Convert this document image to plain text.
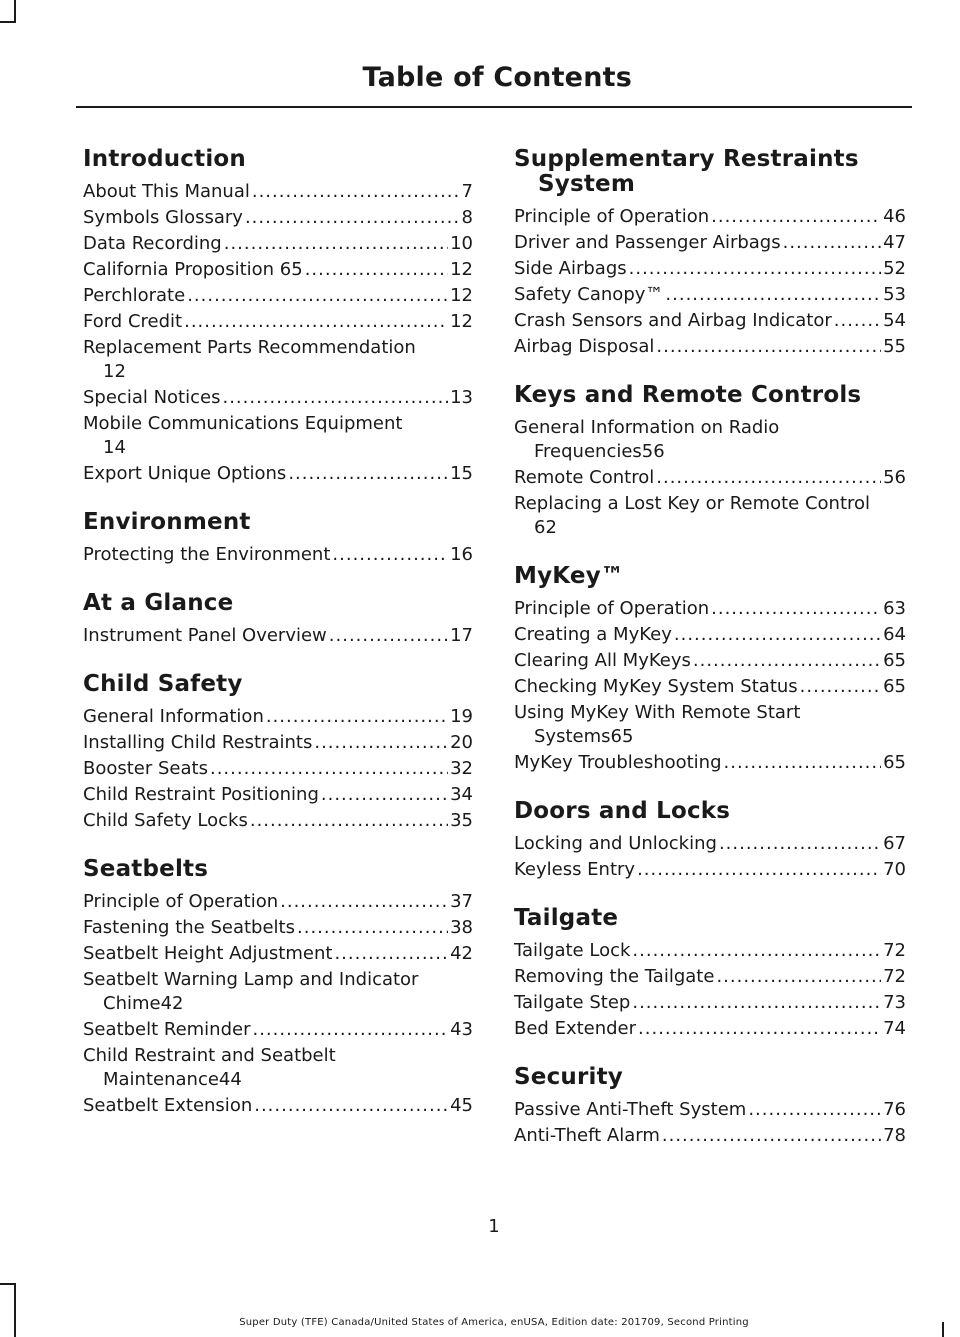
Table of Contents
Introduction
About This Manual .....	7
Symbols Glossary .....	8
Data Recording .....	10
California Proposition 65 .....	12
Perchlorate .....	12
Ford Credit .....	12
Replacement Parts Recommendation
12
Special Notices .....	13
Mobile Communications Equipment
14
Export Unique Options .....	15
Environment
Protecting the Environment .....	16
At a Glance
Instrument Panel Overview .....	17
Child Safety
General Information .....	19
Installing Child Restraints .....	20
Booster Seats .....	32
Child Restraint Positioning .....	34
Child Safety Locks .....	35
Seatbelts
Principle of Operation .....	37
Fastening the Seatbelts .....	38
Seatbelt Height Adjustment .....	42
Seatbelt Warning Lamp and Indicator
Chime 42
Seatbelt Reminder .....	43
Child Restraint and Seatbelt
Maintenance 44
Seatbelt Extension .....	45
Supplementary Restraints
System
Principle of Operation .....	46
Driver and Passenger Airbags .....	47
Side Airbags .....	52
Safety Canopy™ .....	53
Crash Sensors and Airbag Indicator .....	54
Airbag Disposal .....	55
Keys and Remote Controls
General Information on Radio
Frequencies 56
Remote Control .....	56
Replacing a Lost Key or Remote Control
62
MyKey™
Principle of Operation .....	63
Creating a MyKey .....	64
Clearing All MyKeys .....	65
Checking MyKey System Status .....	65
Using MyKey With Remote Start
Systems 65
MyKey Troubleshooting .....	65
Doors and Locks
Locking and Unlocking .....	67
Keyless Entry .....	70
Tailgate
Tailgate Lock .....	72
Removing the Tailgate .....	72
Tailgate Step .....	73
Bed Extender .....	74
Security
Passive Anti-Theft System .....	76
Anti-Theft Alarm .....	78
1
Super Duty (TFE) Canada/United States of America, enUSA, Edition date: 201709, Second Printing
